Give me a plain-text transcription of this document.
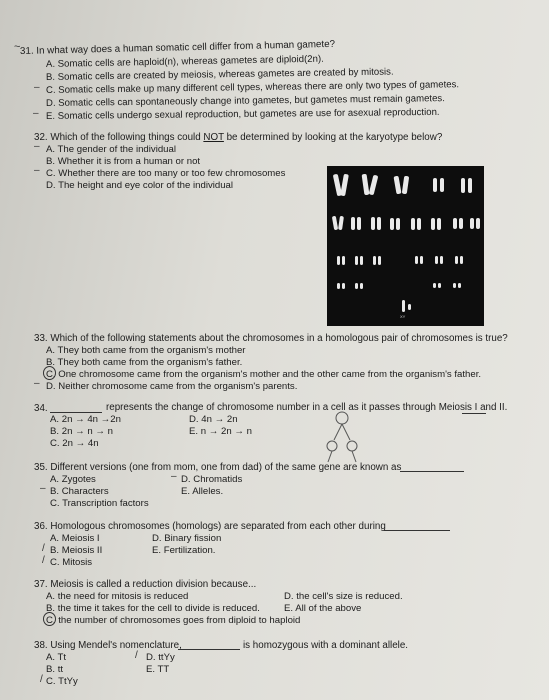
31. In what way does a human somatic cell differ from a human gamete?
A. Somatic cells are haploid(n), whereas gametes are diploid(2n).
B. Somatic cells are created by meiosis, whereas gametes are created by mitosis.
C. Somatic cells make up many different cell types, whereas there are only two types of gametes.
D. Somatic cells can spontaneously change into gametes, but gametes must remain gametes.
E. Somatic cells undergo sexual reproduction, but gametes are use for asexual reproduction.
–
–
~
32. Which of the following things could NOT be determined by looking at the karyotype below?
A. The gender of the individual
B. Whether it is from a human or not
C. Whether there are too many or too few chromosomes
D. The height and eye color of the individual
–
–
XY
33. Which of the following statements about the chromosomes in a homologous pair of chromosomes is true?
A. They both came from the organism's mother
B. They both came from the organism's father.
C. One chromosome came from the organism's mother and the other came from the organism's father.
D. Neither chromosome came from the organism's parents.
–
34.	represents the change of chromosome number in a cell as it passes through Meiosis I and II.
A. 2n → 4n →2n
B. 2n → n → n
C. 2n → 4n
D. 4n → 2n
E. n → 2n → n
35. Different versions (one from mom, one from dad) of the same gene are known as
A. Zygotes
B. Characters
C. Transcription factors
D. Chromatids
E. Alleles.
–
–
36. Homologous chromosomes (homologs) are separated from each other during
A. Meiosis I
B. Meiosis II
C. Mitosis
D. Binary fission
E. Fertilization.
/
/
37. Meiosis is called a reduction division because...
A. the need for mitosis is reduced
B. the time it takes for the cell to divide is reduced.
C. the number of chromosomes goes from diploid to haploid
D. the cell's size is reduced.
E. All of the above
38. Using Mendel's nomenclature,	is homozygous with a dominant allele.
A. Tt
B. tt
C. TtYy
D. ttYy
E. TT
/
/
